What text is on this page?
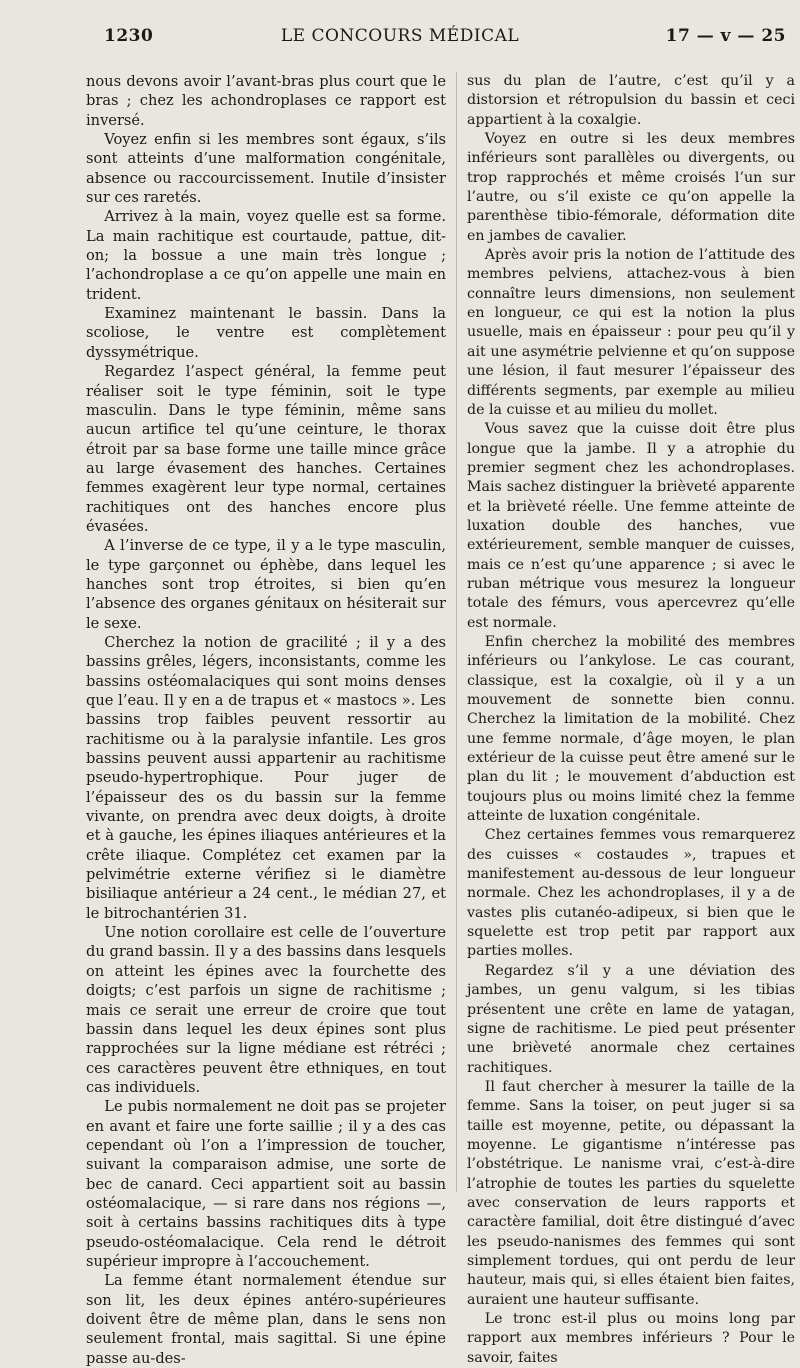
1230	LE CONCOURS MÉDICAL	17 — v — 25

nous devons avoir l’avant-bras plus court que le bras ; chez les achondroplases ce rapport est inversé.

Voyez enfin si les membres sont égaux, s’ils sont atteints d’une malformation congénitale, absence ou raccourcissement. Inutile d’insister sur ces raretés.

Arrivez à la main, voyez quelle est sa forme. La main rachitique est courtaude, pattue, dit-on; la bossue a une main très longue ; l’achondroplase a ce qu’on appelle une main en trident.

Examinez maintenant le bassin. Dans la scoliose, le ventre est complètement dyssymétrique.

Regardez l’aspect général, la femme peut réaliser soit le type féminin, soit le type masculin. Dans le type féminin, même sans aucun artifice tel qu’une ceinture, le thorax étroit par sa base forme une taille mince grâce au large évasement des hanches. Certaines femmes exagèrent leur type normal, certaines rachitiques ont des hanches encore plus évasées.

A l’inverse de ce type, il y a le type masculin, le type garçonnet ou éphèbe, dans lequel les hanches sont trop étroites, si bien qu’en l’absence des organes génitaux on hésiterait sur le sexe.

Cherchez la notion de gracilité ; il y a des bassins grêles, légers, inconsistants, comme les bassins ostéomalaciques qui sont moins denses que l’eau. Il y en a de trapus et « mastocs ». Les bassins trop faibles peuvent ressortir au rachitisme ou à la paralysie infantile. Les gros bassins peuvent aussi appartenir au rachitisme pseudo-hypertrophique. Pour juger de l’épaisseur des os du bassin sur la femme vivante, on prendra avec deux doigts, à droite et à gauche, les épines iliaques antérieures et la crête iliaque. Complétez cet examen par la pelvimétrie externe vérifiez si le diamètre bisiliaque antérieur a 24 cent., le médian 27, et le bitrochantérien 31.

Une notion corollaire est celle de l’ouverture du grand bassin. Il y a des bassins dans lesquels on atteint les épines avec la fourchette des doigts; c’est parfois un signe de rachitisme ; mais ce serait une erreur de croire que tout bassin dans lequel les deux épines sont plus rapprochées sur la ligne médiane est rétréci ; ces caractères peuvent être ethniques, en tout cas individuels.

Le pubis normalement ne doit pas se projeter en avant et faire une forte saillie ; il y a des cas cependant où l’on a l’impression de toucher, suivant la comparaison admise, une sorte de bec de canard. Ceci appartient soit au bassin ostéomalacique, — si rare dans nos régions —, soit à certains bassins rachitiques dits à type pseudo-ostéomalacique. Cela rend le détroit supérieur impropre à l’accouchement.

La femme étant normalement étendue sur son lit, les deux épines antéro-supérieures doivent être de même plan, dans le sens non seulement frontal, mais sagittal. Si une épine passe au-des-

sus du plan de l’autre, c’est qu’il y a distorsion et rétropulsion du bassin et ceci appartient à la coxalgie.

Voyez en outre si les deux membres inférieurs sont parallèles ou divergents, ou trop rapprochés et même croisés l’un sur l’autre, ou s’il existe ce qu’on appelle la parenthèse tibio-fémorale, déformation dite en jambes de cavalier.

Après avoir pris la notion de l’attitude des membres pelviens, attachez-vous à bien connaître leurs dimensions, non seulement en longueur, ce qui est la notion la plus usuelle, mais en épaisseur : pour peu qu’il y ait une asymétrie pelvienne et qu’on suppose une lésion, il faut mesurer l’épaisseur des différents segments, par exemple au milieu de la cuisse et au milieu du mollet.

Vous savez que la cuisse doit être plus longue que la jambe. Il y a atrophie du premier segment chez les achondroplases. Mais sachez distinguer la brièveté apparente et la brièveté réelle. Une femme atteinte de luxation double des hanches, vue extérieurement, semble manquer de cuisses, mais ce n’est qu’une apparence ; si avec le ruban métrique vous mesurez la longueur totale des fémurs, vous apercevrez qu’elle est normale.

Enfin cherchez la mobilité des membres inférieurs ou l’ankylose. Le cas courant, classique, est la coxalgie, où il y a un mouvement de sonnette bien connu. Cherchez la limitation de la mobilité. Chez une femme normale, d’âge moyen, le plan extérieur de la cuisse peut être amené sur le plan du lit ; le mouvement d’abduction est toujours plus ou moins limité chez la femme atteinte de luxation congénitale.

Chez certaines femmes vous remarquerez des cuisses « costaudes », trapues et manifestement au-dessous de leur longueur normale. Chez les achondroplases, il y a de vastes plis cutanéo-adipeux, si bien que le squelette est trop petit par rapport aux parties molles.

Regardez s’il y a une déviation des jambes, un genu valgum, si les tibias présentent une crête en lame de yatagan, signe de rachitisme. Le pied peut présenter une brièveté anormale chez certaines rachitiques.

Il faut chercher à mesurer la taille de la femme. Sans la toiser, on peut juger si sa taille est moyenne, petite, ou dépassant la moyenne. Le gigantisme n’intéresse pas l’obstétrique. Le nanisme vrai, c’est-à-dire l’atrophie de toutes les parties du squelette avec conservation de leurs rapports et caractère familial, doit être distingué d’avec les pseudo-nanismes des femmes qui sont simplement tordues, qui ont perdu de leur hauteur, mais qui, si elles étaient bien faites, auraient une hauteur suffisante.

Le tronc est-il plus ou moins long par rapport aux membres inférieurs ? Pour le savoir, faites
